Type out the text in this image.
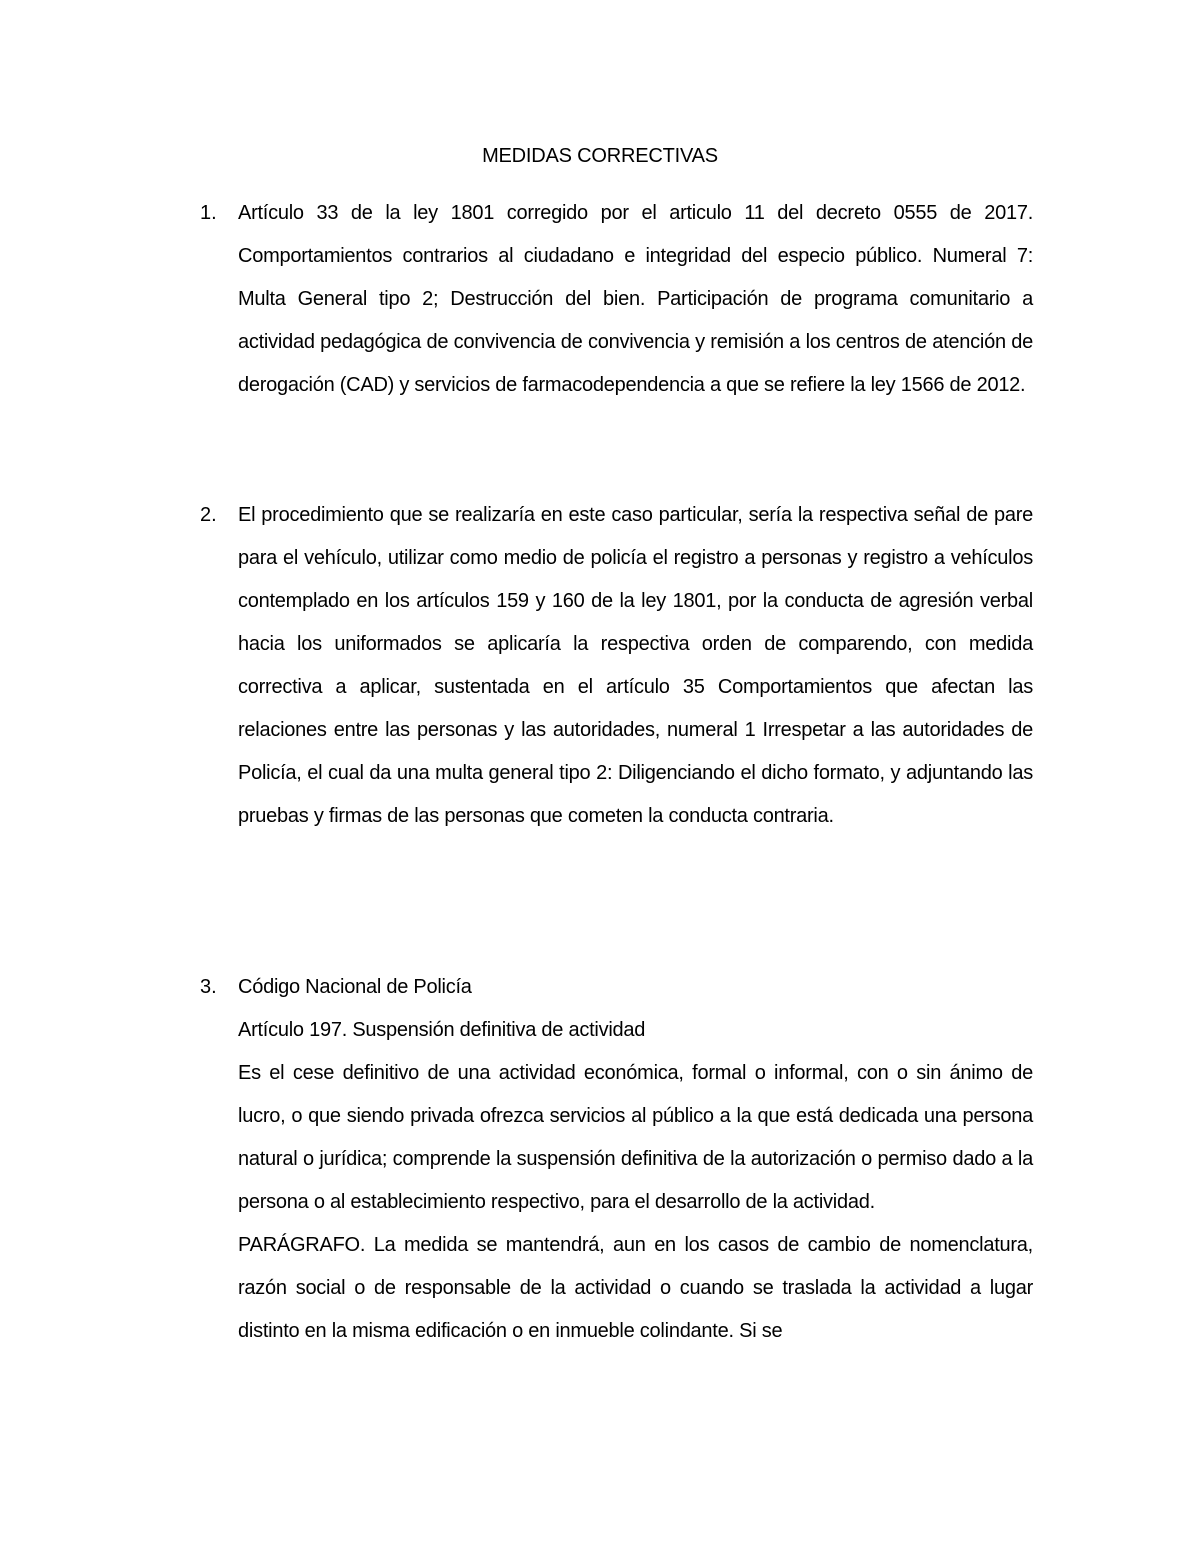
MEDIDAS CORRECTIVAS
1.	Artículo 33 de la ley 1801 corregido por el articulo 11 del decreto 0555 de 2017. Comportamientos contrarios al ciudadano e integridad del especio público. Numeral 7: Multa General tipo 2; Destrucción del bien. Participación de programa comunitario a actividad pedagógica de convivencia de convivencia y remisión a los centros de atención de derogación (CAD) y servicios de farmacodependencia a que se refiere la ley 1566 de 2012.

2.	El procedimiento que se realizaría en este caso particular, sería la respectiva señal de pare para el vehículo, utilizar como medio de policía el registro a personas y registro a vehículos contemplado en los artículos 159 y 160 de la ley 1801, por la conducta de agresión verbal hacia los uniformados se aplicaría la respectiva orden de comparendo, con medida correctiva a aplicar, sustentada en el artículo 35 Comportamientos que afectan las relaciones entre las personas y las autoridades, numeral 1 Irrespetar a las autoridades de Policía, el cual da una multa general tipo 2: Diligenciando el dicho formato, y adjuntando las pruebas y firmas de las personas que cometen la conducta contraria.

3.	Código Nacional de Policía

Artículo 197. Suspensión definitiva de actividad

Es el cese definitivo de una actividad económica, formal o informal, con o sin ánimo de lucro, o que siendo privada ofrezca servicios al público a la que está dedicada una persona natural o jurídica; comprende la suspensión definitiva de la autorización o permiso dado a la persona o al establecimiento respectivo, para el desarrollo de la actividad.

PARÁGRAFO. La medida se mantendrá, aun en los casos de cambio de nomenclatura, razón social o de responsable de la actividad o cuando se traslada la actividad a lugar distinto en la misma edificación o en inmueble colindante. Si se
